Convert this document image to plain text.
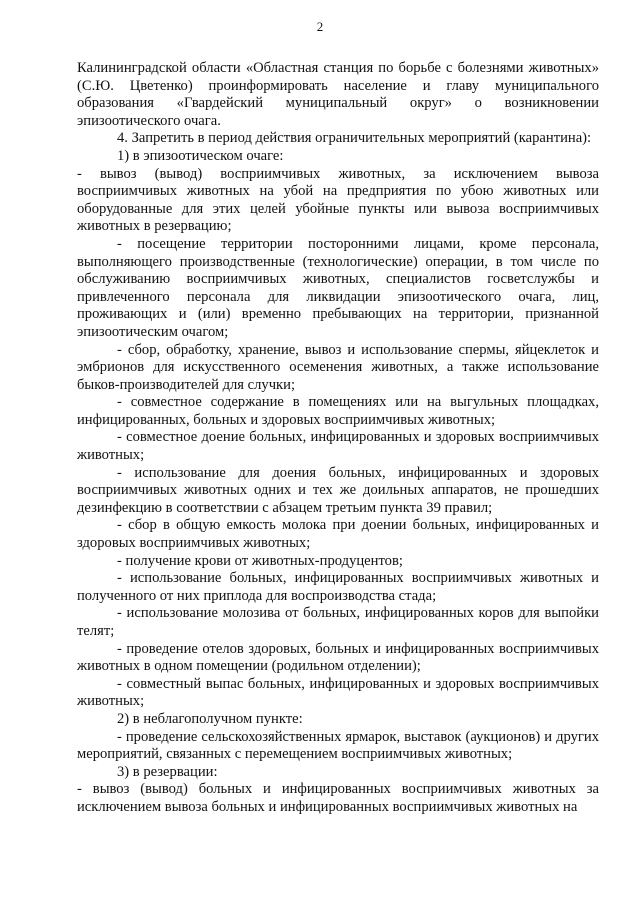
2

Калининградской области «Областная станция по борьбе с болезнями животных» (С.Ю. Цветенко) проинформировать население и главу муниципального образования «Гвардейский муниципальный округ» о возникновении эпизоотического очага.

4. Запретить в период действия ограничительных мероприятий (карантина):

1) в эпизоотическом очаге:

- вывоз (вывод) восприимчивых животных, за исключением вывоза восприимчивых животных на убой на предприятия по убою животных или оборудованные для этих целей убойные пункты или вывоза восприимчивых животных в резервацию;

- посещение территории посторонними лицами, кроме персонала, выполняющего производственные (технологические) операции, в том числе по обслуживанию восприимчивых животных, специалистов госветслужбы и привлеченного персонала для ликвидации эпизоотического очага, лиц, проживающих и (или) временно пребывающих на территории, признанной эпизоотическим очагом;

- сбор, обработку, хранение, вывоз и использование спермы, яйцеклеток и эмбрионов для искусственного осеменения животных, а также использование быков-производителей для случки;

- совместное содержание в помещениях или на выгульных площадках, инфицированных, больных и здоровых восприимчивых животных;

- совместное доение больных, инфицированных и здоровых восприимчивых животных;

- использование для доения больных, инфицированных и здоровых восприимчивых животных одних и тех же доильных аппаратов, не прошедших дезинфекцию в соответствии с абзацем третьим пункта 39 правил;

- сбор в общую емкость молока при доении больных, инфицированных и здоровых восприимчивых животных;

- получение крови от животных-продуцентов;

- использование больных, инфицированных восприимчивых животных и полученного от них приплода для воспроизводства стада;

- использование молозива от больных, инфицированных коров для выпойки телят;

- проведение отелов здоровых, больных и инфицированных восприимчивых животных в одном помещении (родильном отделении);

- совместный выпас больных, инфицированных и здоровых восприимчивых животных;

2) в неблагополучном пункте:

- проведение сельскохозяйственных ярмарок, выставок (аукционов) и других мероприятий, связанных с перемещением восприимчивых животных;

3) в резервации:

- вывоз (вывод) больных и инфицированных восприимчивых животных за исключением вывоза больных и инфицированных восприимчивых животных на
